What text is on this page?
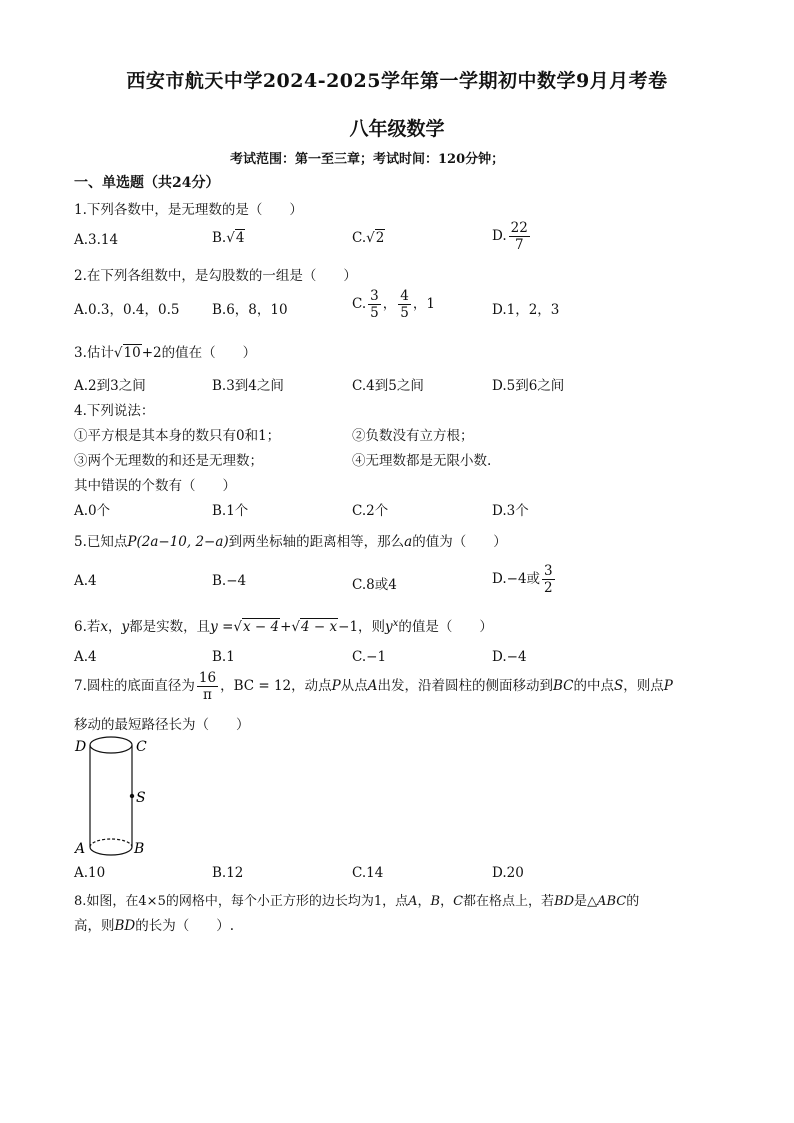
西安市航天中学2024-2025学年第一学期初中数学9月月考卷
八年级数学
考试范围：第一至三章；考试时间：120分钟；
一、单选题（共24分）
1.下列各数中，是无理数的是（　　）
A.3.14	B.√4	C.√2	D. $\frac{22}{7}$
2.在下列各组数中，是勾股数的一组是（　　）
A.0.3，0.4，0.5 B.6，8，10	C. $\frac{3}{5}$ ， $\frac{4}{5}$ ，1	D.1，2，3
3.估计√10+2的值在（　　）
A.2到3之间	B.3到4之间	C.4到5之间	D.5到6之间
4.下列说法：
①平方根是其本身的数只有0和1；	②负数没有立方根；
③两个无理数的和还是无理数；	④无理数都是无限小数.
其中错误的个数有（　　）
A.0个	B.1个	C.2个	D.3个
5.已知点P(2a−10, 2−a)到两坐标轴的距离相等，那么a的值为（　　）
A.4	B.−4	C.8或4	D.−4或 $\frac{3}{2}$
6.若x，y都是实数，且y =√x − 4+√4 − x−1，则$y^x$的值是（　　）
A.4	B.1	C.−1	D.−4
7.圆柱的底面直径为 $\frac{16}{\pi}$ ，BC = 12，动点P从点A出发，沿着圆柱的侧面移动到BC的中点S，则点P
移动的最短路径长为（　　）
D	C
S
A	B
A.10	B.12	C.14	D.20
8.如图，在4×5的网格中，每个小正方形的边长均为1，点A，B，C都在格点上，若BD是△ABC的
高，则BD的长为（　　）.
